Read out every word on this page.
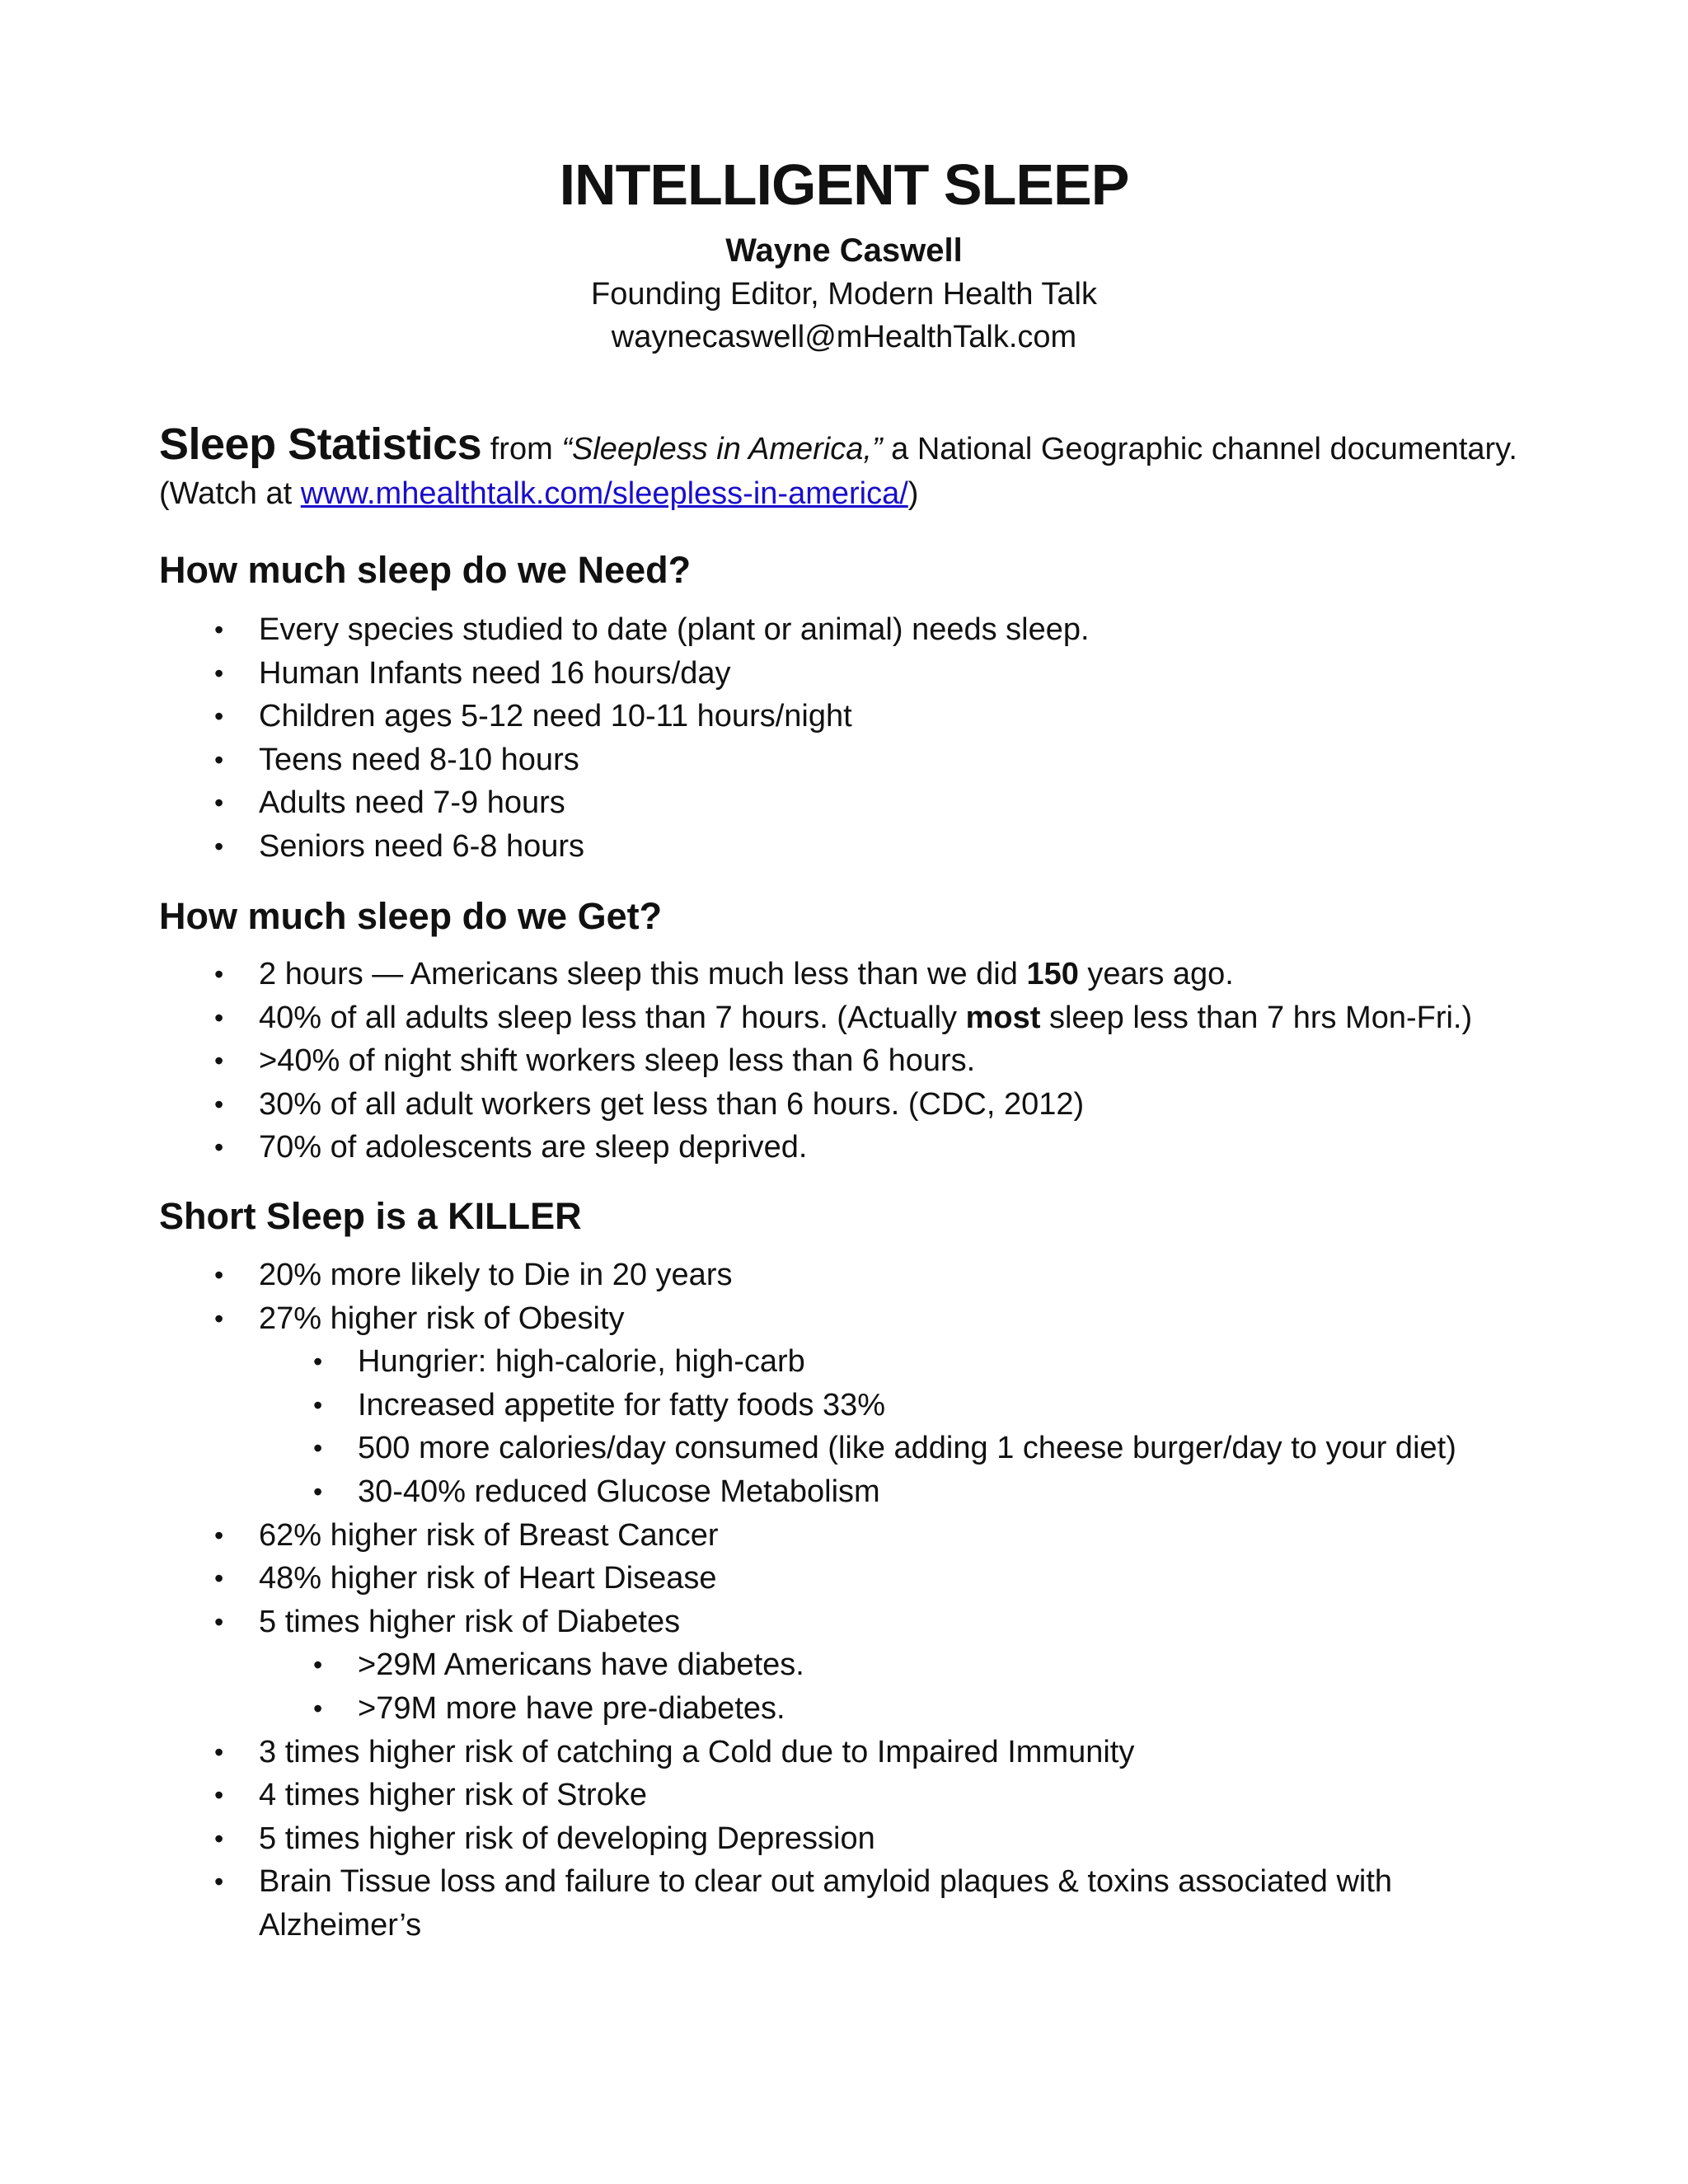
INTELLIGENT SLEEP
Wayne Caswell
Founding Editor, Modern Health Talk
waynecaswell@mHealthTalk.com
Sleep Statistics from “Sleepless in America,” a National Geographic channel documentary. (Watch at www.mhealthtalk.com/sleepless-in-america/)
How much sleep do we Need?
• Every species studied to date (plant or animal) needs sleep.
• Human Infants need 16 hours/day
• Children ages 5-12 need 10-11 hours/night
• Teens need 8-10 hours
• Adults need 7-9 hours
• Seniors need 6-8 hours
How much sleep do we Get?
• 2 hours — Americans sleep this much less than we did 150 years ago.
• 40% of all adults sleep less than 7 hours. (Actually most sleep less than 7 hrs Mon-Fri.)
• >40% of night shift workers sleep less than 6 hours.
• 30% of all adult workers get less than 6 hours. (CDC, 2012)
• 70% of adolescents are sleep deprived.
Short Sleep is a KILLER
• 20% more likely to Die in 20 years
• 27% higher risk of Obesity
• Hungrier: high-calorie, high-carb
• Increased appetite for fatty foods 33%
• 500 more calories/day consumed (like adding 1 cheese burger/day to your diet)
• 30-40% reduced Glucose Metabolism
• 62% higher risk of Breast Cancer
• 48% higher risk of Heart Disease
• 5 times higher risk of Diabetes
• >29M Americans have diabetes.
• >79M more have pre-diabetes.
• 3 times higher risk of catching a Cold due to Impaired Immunity
• 4 times higher risk of Stroke
• 5 times higher risk of developing Depression
• Brain Tissue loss and failure to clear out amyloid plaques & toxins associated with Alzheimer’s
